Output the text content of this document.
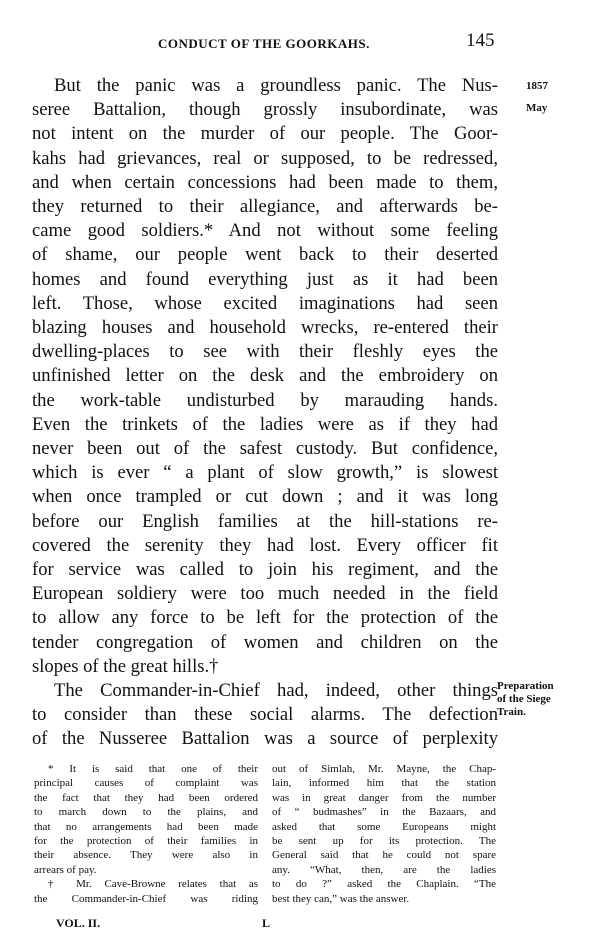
CONDUCT OF THE GOORKAHS.	145
1857
May
Preparation
of the Siege
Train.
But the panic was a groundless panic. The Nus-
seree Battalion, though grossly insubordinate, was
not intent on the murder of our people. The Goor-
kahs had grievances, real or supposed, to be redressed,
and when certain concessions had been made to them,
they returned to their allegiance, and afterwards be-
came good soldiers.* And not without some feeling
of shame, our people went back to their deserted
homes and found everything just as it had been
left. Those, whose excited imaginations had seen
blazing houses and household wrecks, re-entered their
dwelling-places to see with their fleshly eyes the
unfinished letter on the desk and the embroidery on
the work-table undisturbed by marauding hands.
Even the trinkets of the ladies were as if they had
never been out of the safest custody. But confidence,
which is ever “ a plant of slow growth,” is slowest
when once trampled or cut down ; and it was long
before our English families at the hill-stations re-
covered the serenity they had lost. Every officer fit
for service was called to join his regiment, and the
European soldiery were too much needed in the field
to allow any force to be left for the protection of the
tender congregation of women and children on the
slopes of the great hills.†
The Commander-in-Chief had, indeed, other things
to consider than these social alarms. The defection
of the Nusseree Battalion was a source of perplexity
* It is said that one of their
principal causes of complaint was
the fact that they had been ordered
to march down to the plains, and
that no arrangements had been made
for the protection of their families in
their absence. They were also in
arrears of pay.
† Mr. Cave-Browne relates that as
the Commander-in-Chief was riding
out of Simlah, Mr. Mayne, the Chap-
lain, informed him that the station
was in great danger from the number
of “ budmashes” in the Bazaars, and
asked that some Europeans might
be sent up for its protection. The
General said that he could not spare
any. “What, then, are the ladies
to do ?” asked the Chaplain. “The
best they can,” was the answer.
VOL. II.	L
